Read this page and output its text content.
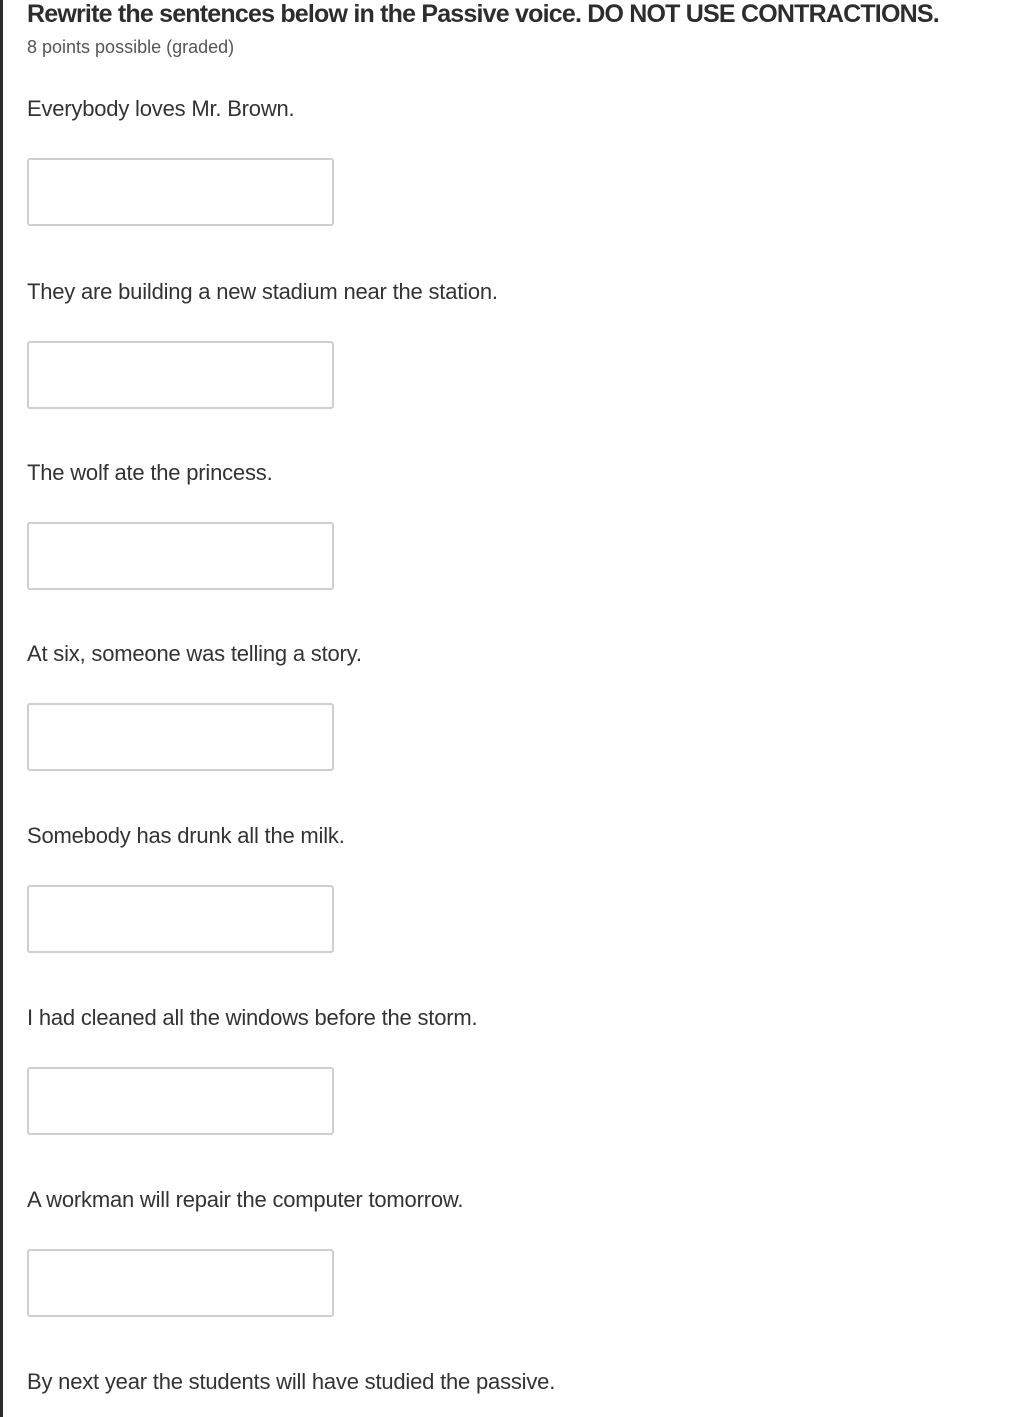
Rewrite the sentences below in the Passive voice. DO NOT USE CONTRACTIONS.
8 points possible (graded)
Everybody loves Mr. Brown.
They are building a new stadium near the station.
The wolf ate the princess.
At six, someone was telling a story.
Somebody has drunk all the milk.
I had cleaned all the windows before the storm.
A workman will repair the computer tomorrow.
By next year the students will have studied the passive.
